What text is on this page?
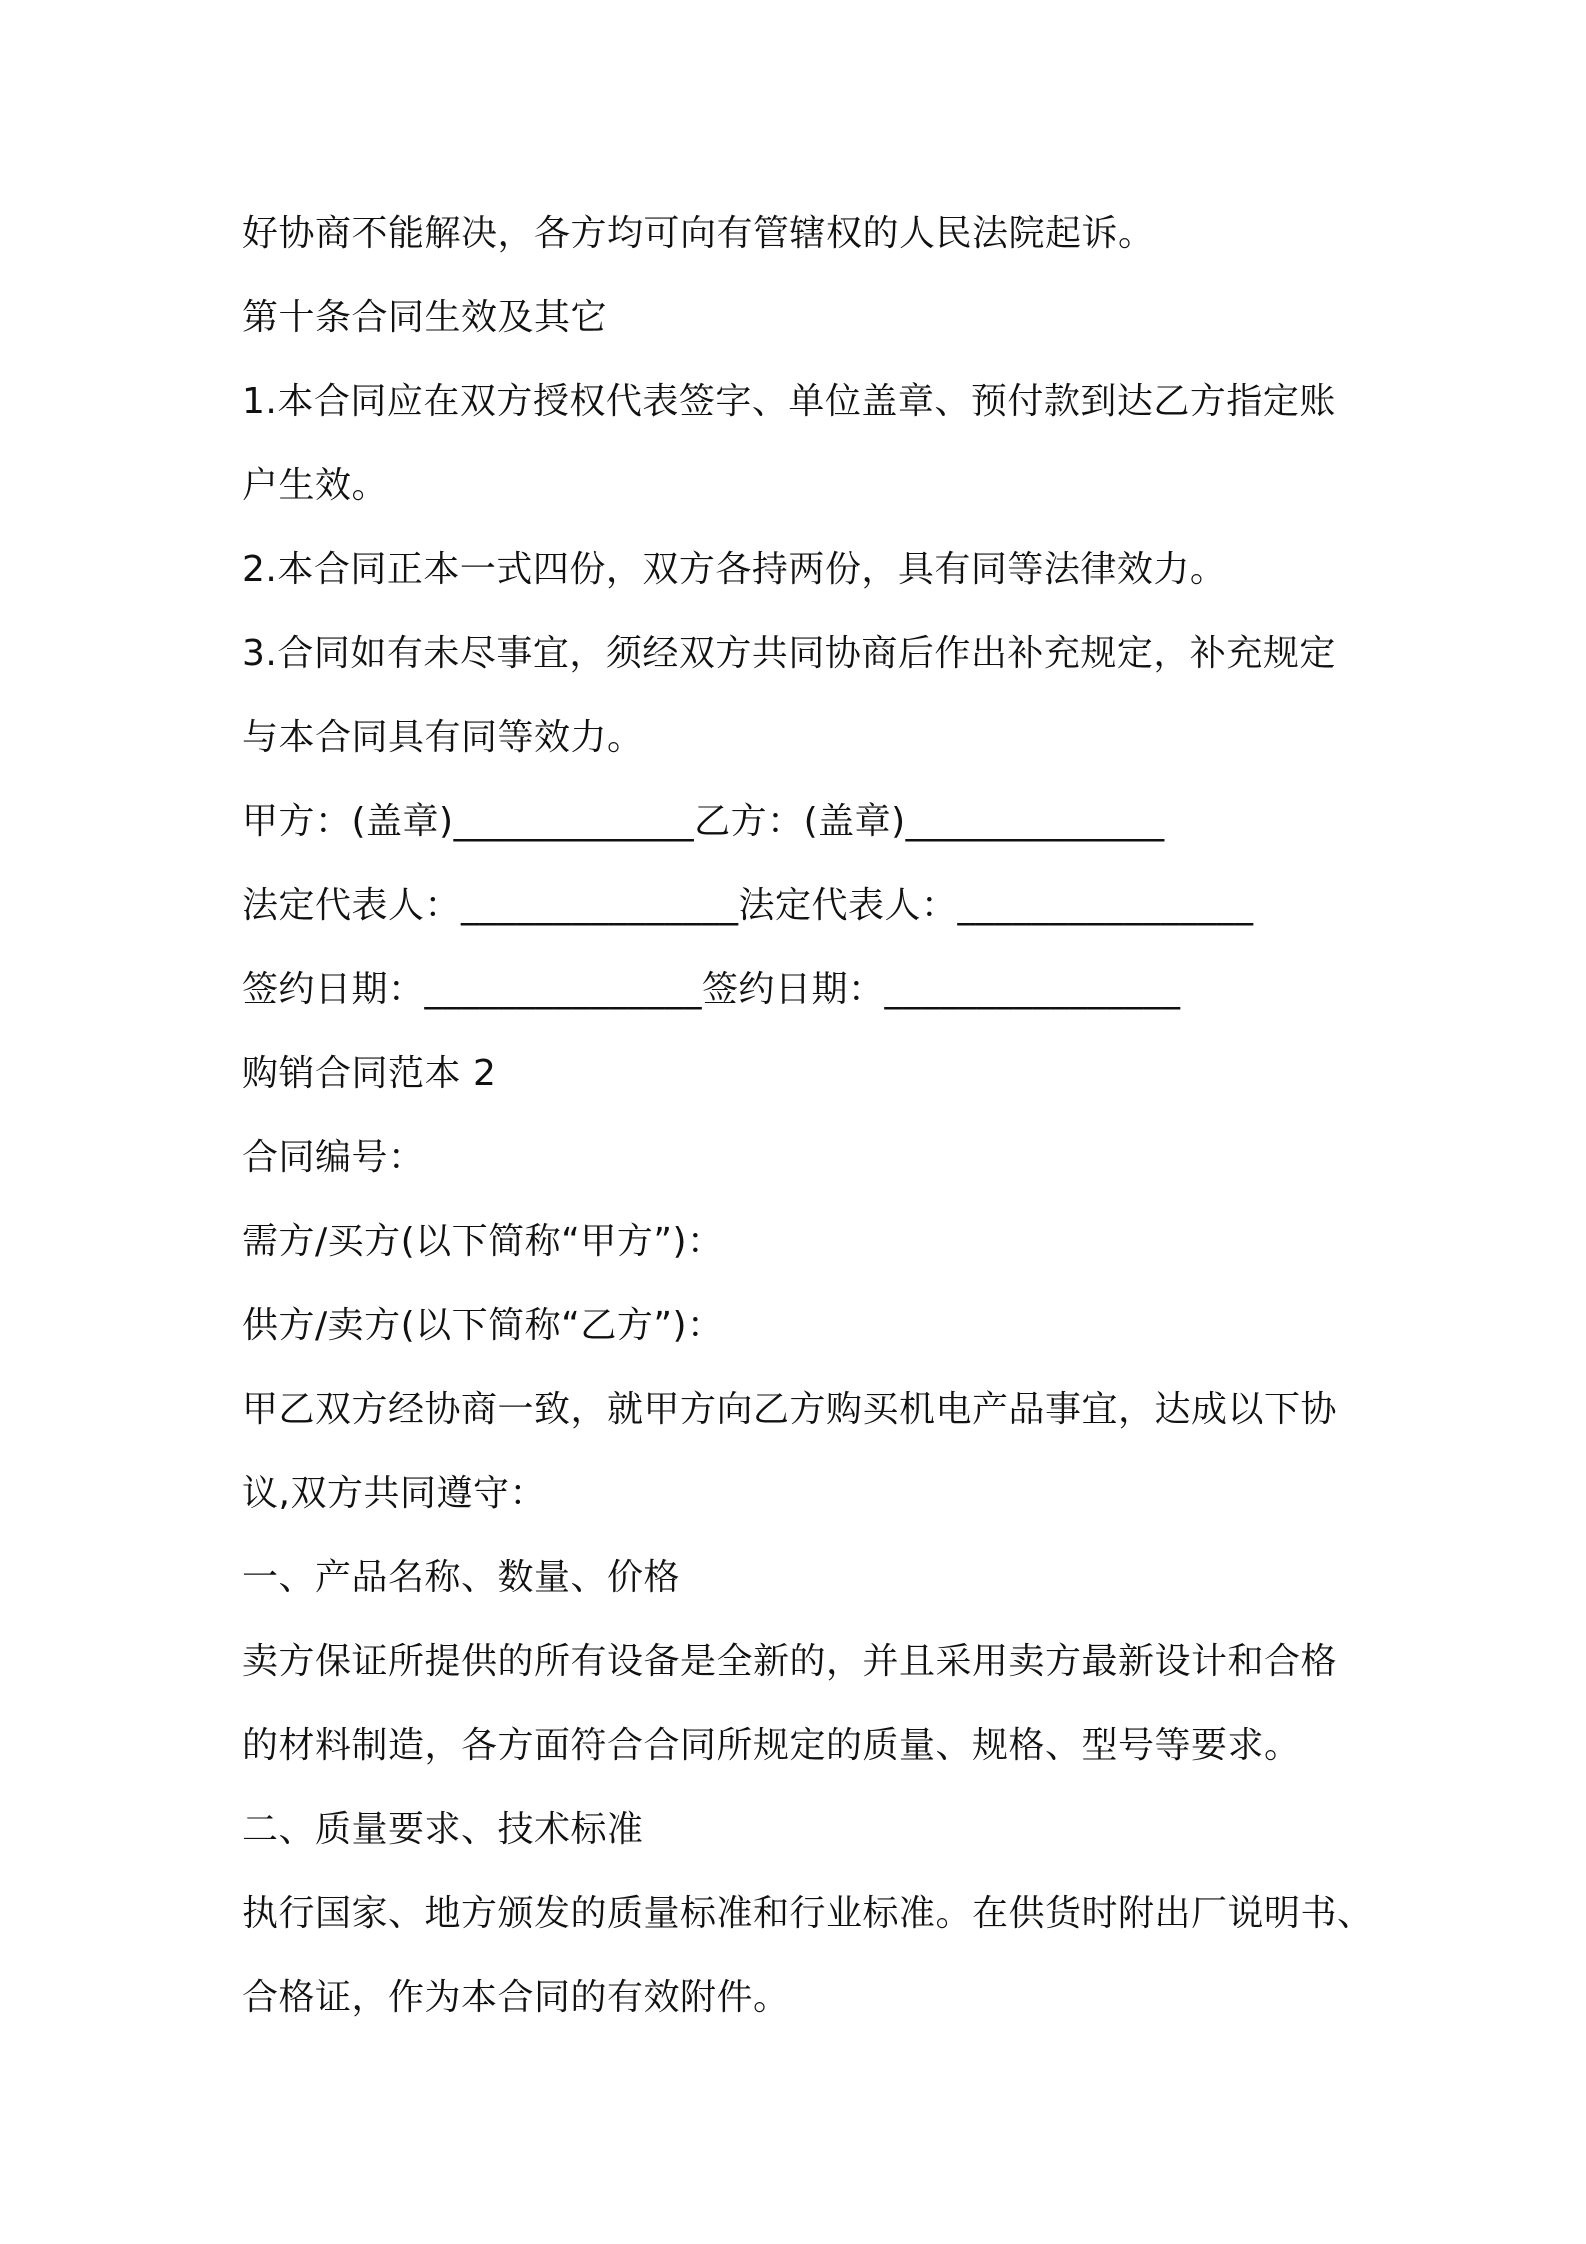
好协商不能解决，各方均可向有管辖权的人民法院起诉。
第十条合同生效及其它
1.本合同应在双方授权代表签字、单位盖章、预付款到达乙方指定账
户生效。
2.本合同正本一式四份，双方各持两份，具有同等法律效力。
3.合同如有未尽事宜，须经双方共同协商后作出补充规定，补充规定
与本合同具有同等效力。
甲方：(盖章)_____________乙方：(盖章)______________
法定代表人：_______________法定代表人：________________
签约日期：_______________签约日期：________________
购销合同范本 2
合同编号：
需方/买方(以下简称“甲方”)：
供方/卖方(以下简称“乙方”)：
甲乙双方经协商一致，就甲方向乙方购买机电产品事宜，达成以下协
议,双方共同遵守：
一、产品名称、数量、价格
卖方保证所提供的所有设备是全新的，并且采用卖方最新设计和合格
的材料制造，各方面符合合同所规定的质量、规格、型号等要求。
二、质量要求、技术标准
执行国家、地方颁发的质量标准和行业标准。在供货时附出厂说明书、
合格证，作为本合同的有效附件。
